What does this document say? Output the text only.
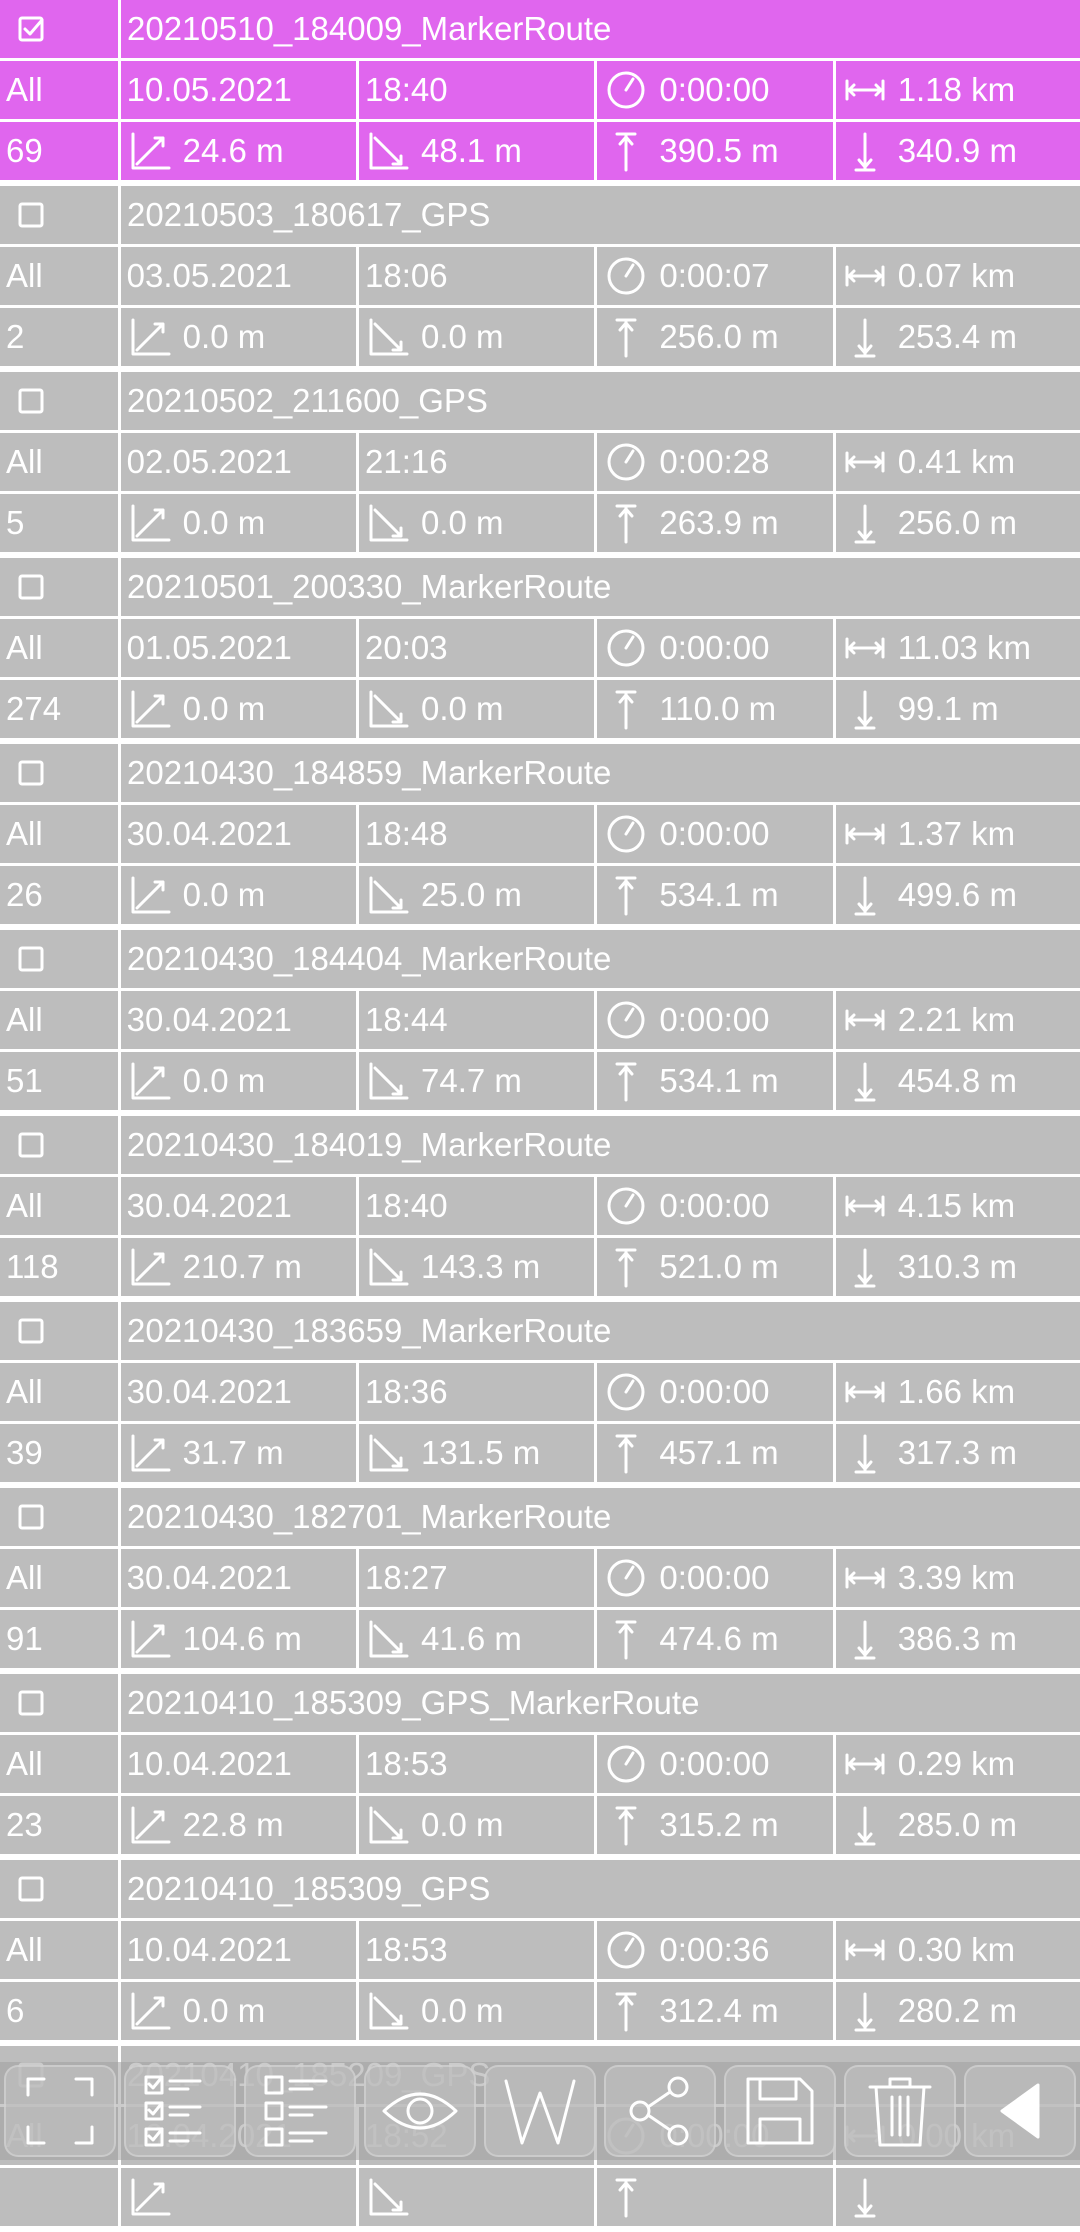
20210510_184009_MarkerRoute
All	10.05.2021	18:40	0:00:00	1.18 km
69	24.6 m	48.1 m	390.5 m	340.9 m
20210503_180617_GPS
All	03.05.2021	18:06	0:00:07	0.07 km
2	0.0 m	0.0 m	256.0 m	253.4 m
20210502_211600_GPS
All	02.05.2021	21:16	0:00:28	0.41 km
5	0.0 m	0.0 m	263.9 m	256.0 m
20210501_200330_MarkerRoute
All	01.05.2021	20:03	0:00:00	11.03 km
274	0.0 m	0.0 m	110.0 m	99.1 m
20210430_184859_MarkerRoute
All	30.04.2021	18:48	0:00:00	1.37 km
26	0.0 m	25.0 m	534.1 m	499.6 m
20210430_184404_MarkerRoute
All	30.04.2021	18:44	0:00:00	2.21 km
51	0.0 m	74.7 m	534.1 m	454.8 m
20210430_184019_MarkerRoute
All	30.04.2021	18:40	0:00:00	4.15 km
118	210.7 m	143.3 m	521.0 m	310.3 m
20210430_183659_MarkerRoute
All	30.04.2021	18:36	0:00:00	1.66 km
39	31.7 m	131.5 m	457.1 m	317.3 m
20210430_182701_MarkerRoute
All	30.04.2021	18:27	0:00:00	3.39 km
91	104.6 m	41.6 m	474.6 m	386.3 m
20210410_185309_GPS_MarkerRoute
All	10.04.2021	18:53	0:00:00	0.29 km
23	22.8 m	0.0 m	315.2 m	285.0 m
20210410_185309_GPS
All	10.04.2021	18:53	0:00:36	0.30 km
6	0.0 m	0.0 m	312.4 m	280.2 m
